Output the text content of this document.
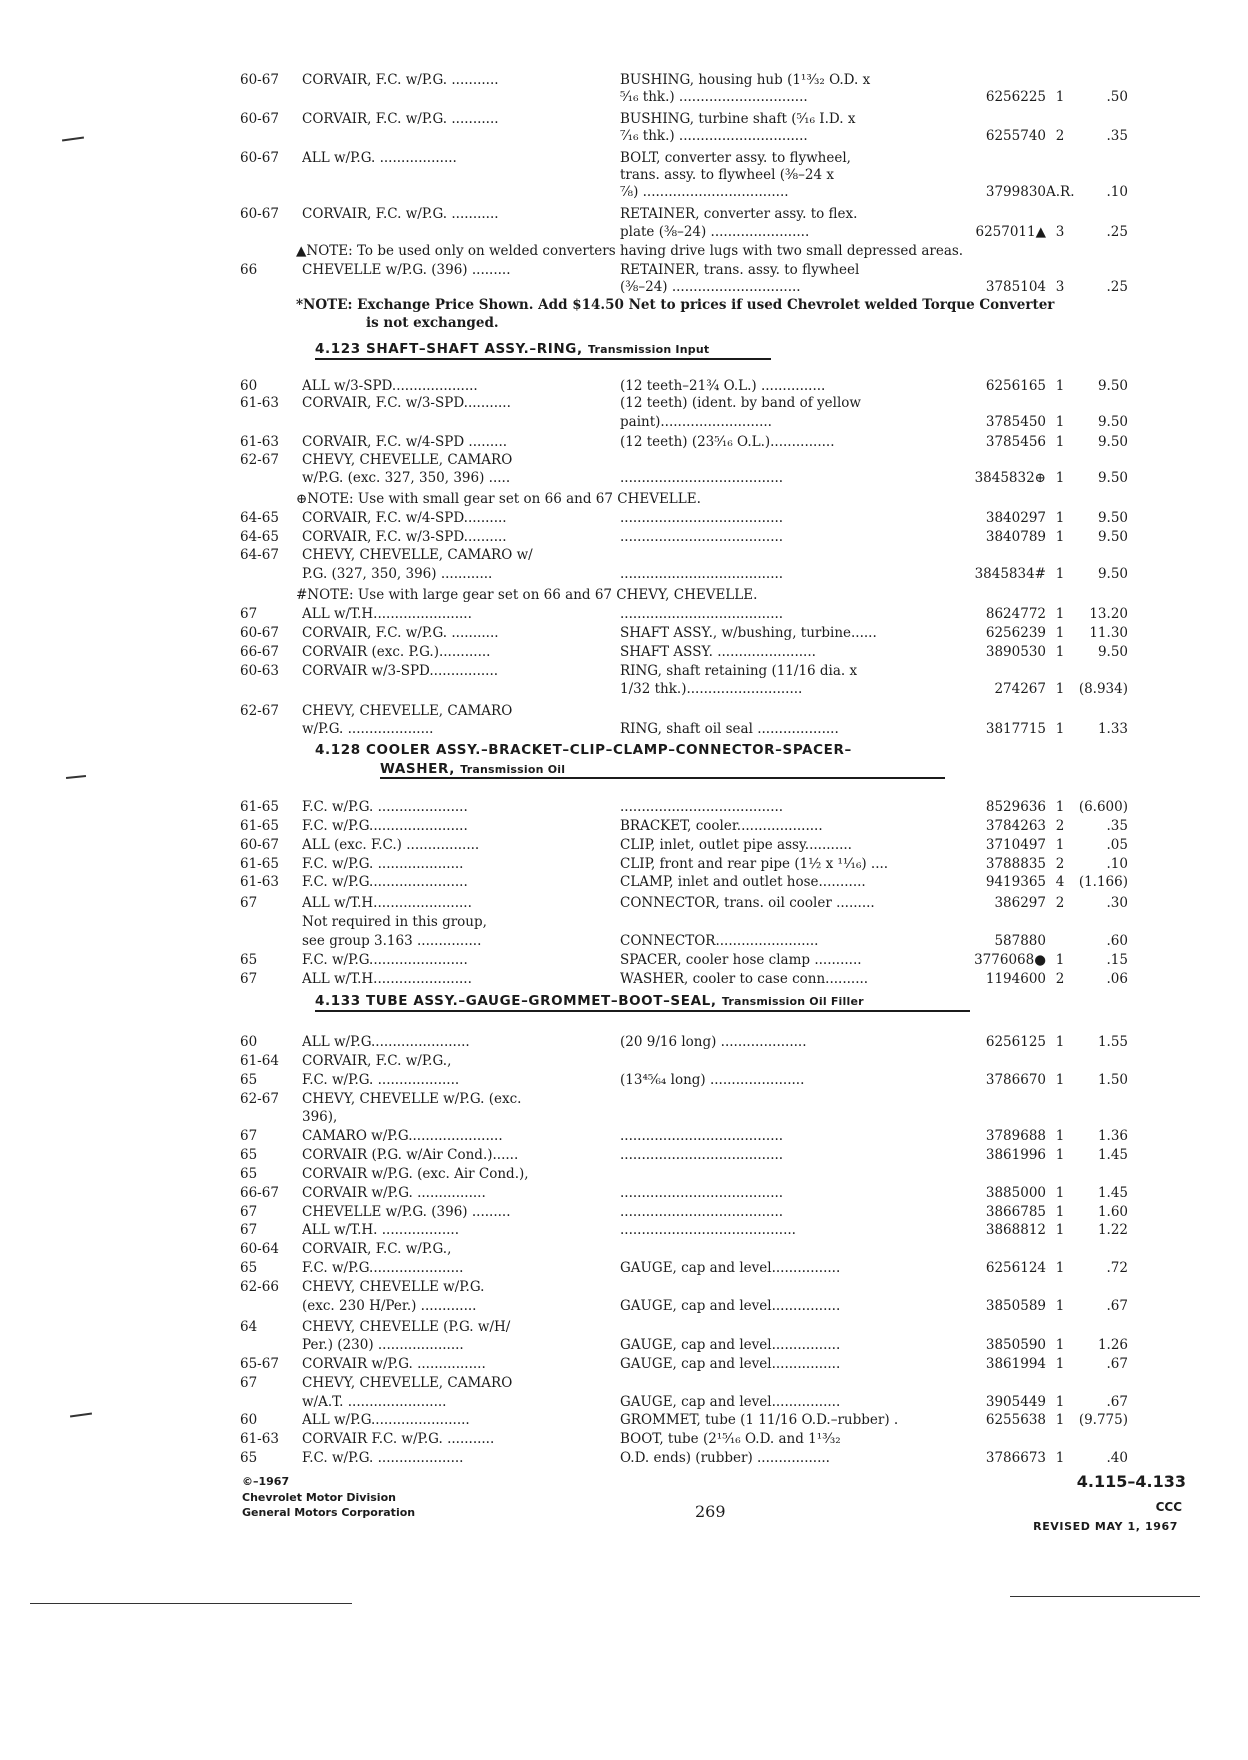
60-67	CORVAIR, F.C. w/P.G. ...........	BUSHING, housing hub (1¹³⁄₃₂ O.D. x
⁵⁄₁₆ thk.) ..............................	6256225 1	.50
60-67	CORVAIR, F.C. w/P.G. ...........	BUSHING, turbine shaft (⁵⁄₁₆ I.D. x
⁷⁄₁₆ thk.) ..............................	6255740 2	.35
60-67	ALL w/P.G. ..................	BOLT, converter assy. to flywheel,
trans. assy. to flywheel (⅜–24 x
⁷⁄₈) ..................................	3799830 A.R.	.10
60-67	CORVAIR, F.C. w/P.G. ...........	RETAINER, converter assy. to flex.
plate (⅜–24) .......................	6257011▲ 3	.25
66	CHEVELLE w/P.G. (396) .........	RETAINER, trans. assy. to flywheel
(⅜–24) ..............................	3785104 3	.25
60	ALL w/3-SPD....................	(12 teeth–21¾ O.L.) ...............	6256165 1	9.50
61-63	CORVAIR, F.C. w/3-SPD...........	(12 teeth) (ident. by band of yellow
paint)..........................	3785450 1	9.50
61-63	CORVAIR, F.C. w/4-SPD .........	(12 teeth) (23⁵⁄₁₆ O.L.)...............	3785456 1	9.50
62-67	CHEVY, CHEVELLE, CAMARO
w/P.G. (exc. 327, 350, 396) .....	......................................	3845832⊕ 1	9.50
64-65	CORVAIR, F.C. w/4-SPD..........	......................................	3840297 1	9.50
64-65	CORVAIR, F.C. w/3-SPD..........	......................................	3840789 1	9.50
64-67	CHEVY, CHEVELLE, CAMARO w/
P.G. (327, 350, 396) ............	......................................	3845834# 1	9.50
67	ALL w/T.H.......................	......................................	8624772 1	13.20
60-67	CORVAIR, F.C. w/P.G. ...........	SHAFT ASSY., w/bushing, turbine......	6256239 1	11.30
66-67	CORVAIR (exc. P.G.)............	SHAFT ASSY. .......................	3890530 1	9.50
60-63	CORVAIR w/3-SPD................	RING, shaft retaining (11/16 dia. x
1/32 thk.)...........................	274267 1	(8.934)
62-67	CHEVY, CHEVELLE, CAMARO
w/P.G. ....................	RING, shaft oil seal ...................	3817715 1	1.33
61-65	F.C. w/P.G. .....................	......................................	8529636 1	(6.600)
61-65	F.C. w/P.G.......................	BRACKET, cooler....................	3784263 2	.35
60-67	ALL (exc. F.C.) .................	CLIP, inlet, outlet pipe assy...........	3710497 1	.05
61-65	F.C. w/P.G. ....................	CLIP, front and rear pipe (1½ x ¹¹⁄₁₆) ....	3788835 2	.10
61-63	F.C. w/P.G.......................	CLAMP, inlet and outlet hose...........	9419365 4	(1.166)
67	ALL w/T.H.......................	CONNECTOR, trans. oil cooler .........	386297 2	.30
Not required in this group,
see group 3.163 ...............	CONNECTOR........................	587880	.60
65	F.C. w/P.G.......................	SPACER, cooler hose clamp ...........	3776068● 1	.15
67	ALL w/T.H.......................	WASHER, cooler to case conn..........	1194600 2	.06
60	ALL w/P.G.......................	(20 9/16 long) ....................	6256125 1	1.55
61-64	CORVAIR, F.C. w/P.G.,
65	F.C. w/P.G. ...................	(13⁴⁵⁄₆₄ long) ......................	3786670 1	1.50
62-67	CHEVY, CHEVELLE w/P.G. (exc.
396),
67	CAMARO w/P.G......................	......................................	3789688 1	1.36
65	CORVAIR (P.G. w/Air Cond.)......	......................................	3861996 1	1.45
65	CORVAIR w/P.G. (exc. Air Cond.),
66-67	CORVAIR w/P.G. ................	......................................	3885000 1	1.45
67	CHEVELLE w/P.G. (396) .........	......................................	3866785 1	1.60
67	ALL w/T.H. ..................	.........................................	3868812 1	1.22
60-64	CORVAIR, F.C. w/P.G.,
65	F.C. w/P.G......................	GAUGE, cap and level................	6256124 1	.72
62-66	CHEVY, CHEVELLE w/P.G.
(exc. 230 H/Per.) .............	GAUGE, cap and level................	3850589 1	.67
64	CHEVY, CHEVELLE (P.G. w/H/
Per.) (230) ....................	GAUGE, cap and level................	3850590 1	1.26
65-67	CORVAIR w/P.G. ................	GAUGE, cap and level................	3861994 1	.67
67	CHEVY, CHEVELLE, CAMARO
w/A.T. .......................	GAUGE, cap and level................	3905449 1	.67
60	ALL w/P.G.......................	GROMMET, tube (1 11/16 O.D.–rubber) .	6255638 1	(9.775)
61-63	CORVAIR F.C. w/P.G. ...........	BOOT, tube (2¹⁵⁄₁₆ O.D. and 1¹³⁄₃₂
65	F.C. w/P.G. ....................	O.D. ends) (rubber) .................	3786673 1	.40
▲NOTE: To be used only on welded converters having drive lugs with two small depressed areas.
*NOTE: Exchange Price Shown. Add $14.50 Net to prices if used Chevrolet welded Torque Converter
is not exchanged.
⊕NOTE: Use with small gear set on 66 and 67 CHEVELLE.
#NOTE: Use with large gear set on 66 and 67 CHEVY, CHEVELLE.
4.123 SHAFT–SHAFT ASSY.–RING, Transmission Input
4.128 COOLER ASSY.–BRACKET–CLIP–CLAMP–CONNECTOR–SPACER–
WASHER, Transmission Oil
4.133 TUBE ASSY.–GAUGE–GROMMET–BOOT–SEAL, Transmission Oil Filler
©–1967
Chevrolet Motor Division
General Motors Corporation	269
4.115–4.133
CCC
REVISED MAY 1, 1967
